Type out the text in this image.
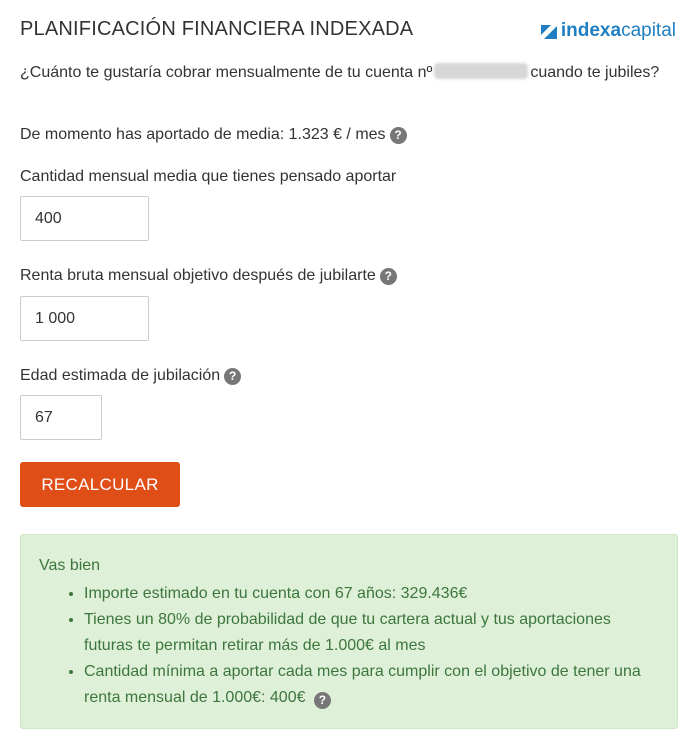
PLANIFICACIÓN FINANCIERA INDEXADA	indexacapital
¿Cuánto te gustaría cobrar mensualmente de tu cuenta nº	cuando te jubiles?
De momento has aportado de media: 1.323 € / mes ?
Cantidad mensual media que tienes pensado aportar
400
Renta bruta mensual objetivo después de jubilarte ?
1 000
Edad estimada de jubilación ?
67
RECALCULAR
Vas bien
• Importe estimado en tu cuenta con 67 años: 329.436€
• Tienes un 80% de probabilidad de que tu cartera actual y tus aportaciones futuras te permitan retirar más de 1.000€ al mes
• Cantidad mínima a aportar cada mes para cumplir con el objetivo de tener una renta mensual de 1.000€: 400€ ?
